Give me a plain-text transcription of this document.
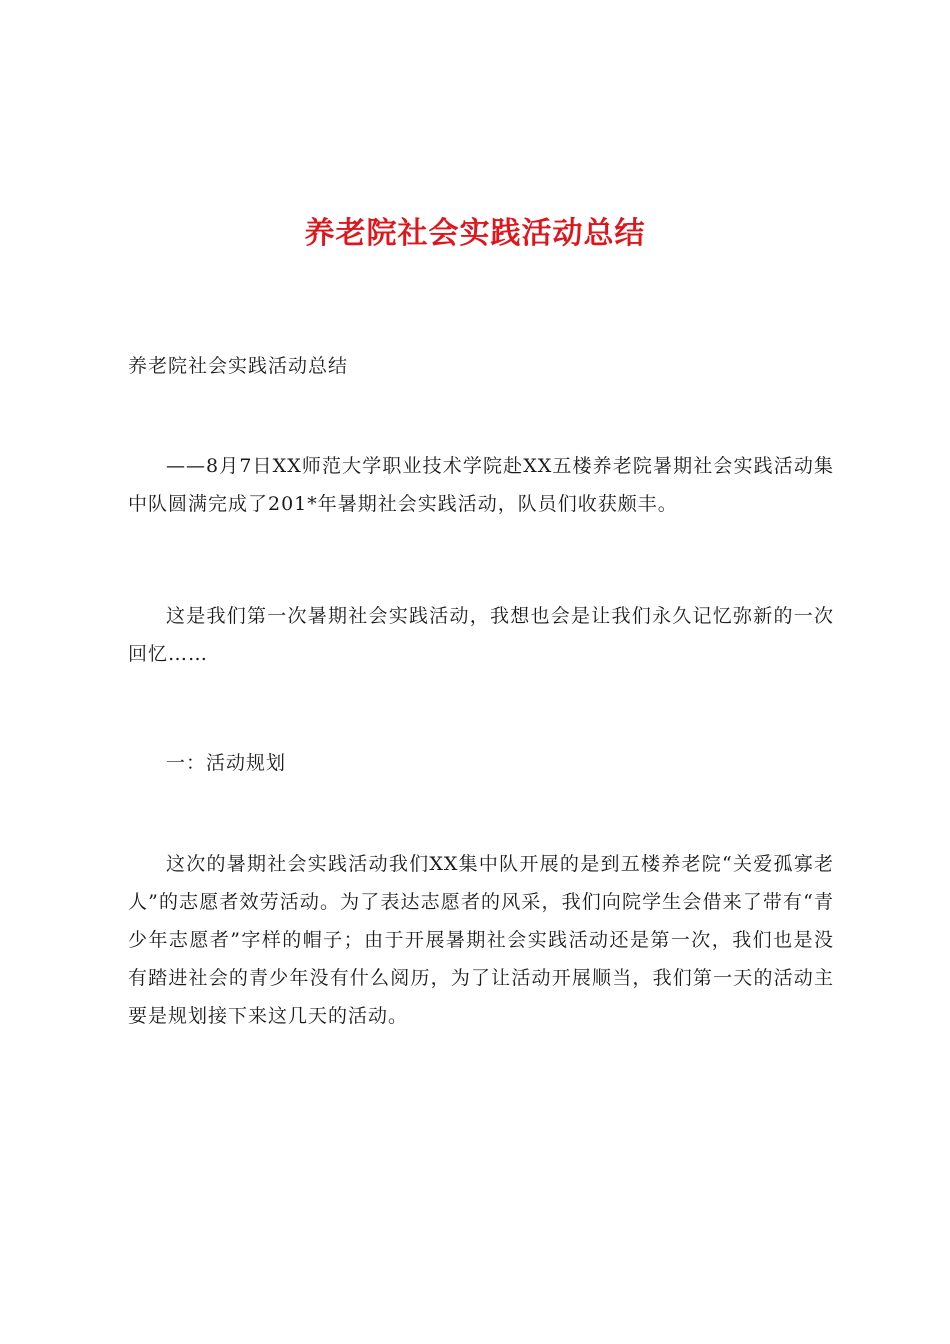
养老院社会实践活动总结
养老院社会实践活动总结
——8月7日XX师范大学职业技术学院赴XX五楼养老院暑期社会实践活动集中队圆满完成了201*年暑期社会实践活动，队员们收获颇丰。
这是我们第一次暑期社会实践活动，我想也会是让我们永久记忆弥新的一次回忆……
一：活动规划
这次的暑期社会实践活动我们XX集中队开展的是到五楼养老院“关爱孤寡老人”的志愿者效劳活动。为了表达志愿者的风采，我们向院学生会借来了带有“青少年志愿者”字样的帽子；由于开展暑期社会实践活动还是第一次，我们也是没有踏进社会的青少年没有什么阅历，为了让活动开展顺当，我们第一天的活动主要是规划接下来这几天的活动。
